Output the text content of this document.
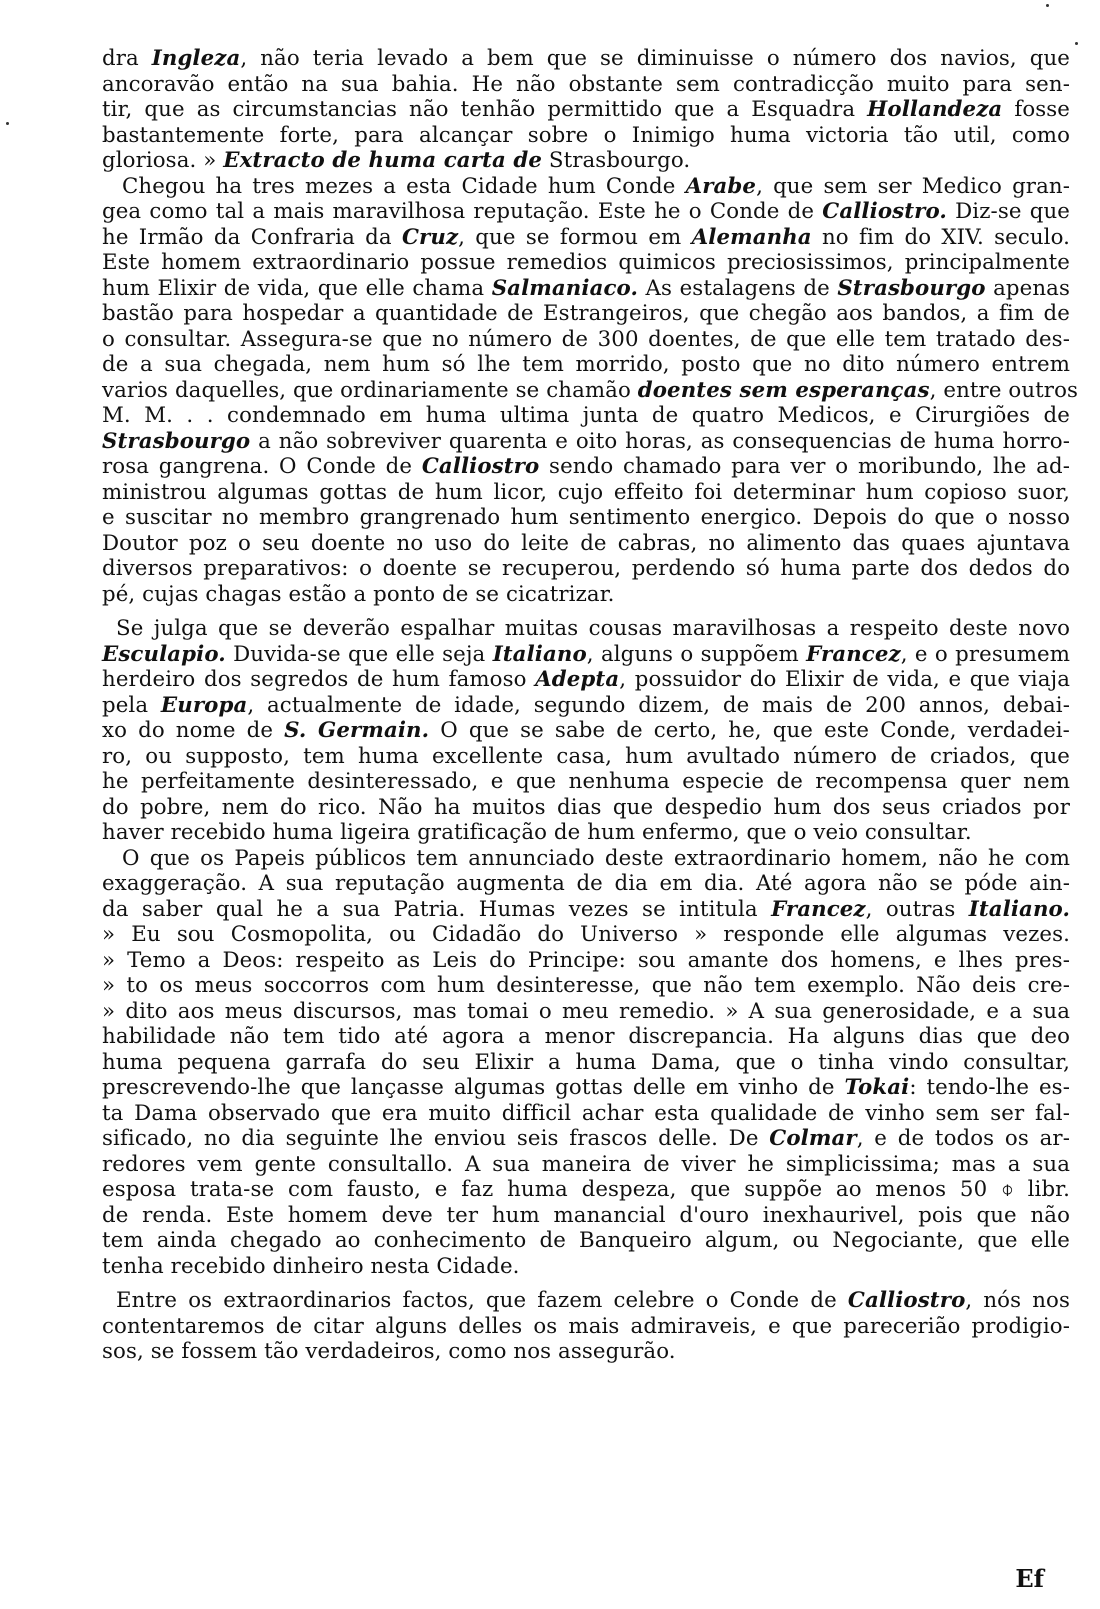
dra Ingleza, não teria levado a bem que se diminuisse o número dos navios, que
ancoravão então na sua bahia. He não obstante sem contradicção muito para sen-
tir, que as circumstancias não tenhão permittido que a Esquadra Hollandeza fosse
bastantemente forte, para alcançar sobre o Inimigo huma victoria tão util, como
gloriosa. » Extracto de huma carta de Strasbourgo.
Chegou ha tres mezes a esta Cidade hum Conde Arabe, que sem ser Medico gran-
gea como tal a mais maravilhosa reputação. Este he o Conde de Calliostro. Diz-se que
he Irmão da Confraria da Cruz, que se formou em Alemanha no fim do XIV. seculo.
Este homem extraordinario possue remedios quimicos preciosissimos, principalmente
hum Elixir de vida, que elle chama Salmaniaco. As estalagens de Strasbourgo apenas
bastão para hospedar a quantidade de Estrangeiros, que chegão aos bandos, a fim de
o consultar. Assegura-se que no número de 300 doentes, de que elle tem tratado des-
de a sua chegada, nem hum só lhe tem morrido, posto que no dito número entrem
varios daquelles, que ordinariamente se chamão doentes sem esperanças, entre outros
M. M. . . condemnado em huma ultima junta de quatro Medicos, e Cirurgiões de
Strasbourgo a não sobreviver quarenta e oito horas, as consequencias de huma horro-
rosa gangrena. O Conde de Calliostro sendo chamado para ver o moribundo, lhe ad-
ministrou algumas gottas de hum licor, cujo effeito foi determinar hum copioso suor,
e suscitar no membro grangrenado hum sentimento energico. Depois do que o nosso
Doutor poz o seu doente no uso do leite de cabras, no alimento das quaes ajuntava
diversos preparativos: o doente se recuperou, perdendo só huma parte dos dedos do
pé, cujas chagas estão a ponto de se cicatrizar.
Se julga que se deverão espalhar muitas cousas maravilhosas a respeito deste novo
Esculapio. Duvida-se que elle seja Italiano, alguns o suppõem Francez, e o presumem
herdeiro dos segredos de hum famoso Adepta, possuidor do Elixir de vida, e que viaja
pela Europa, actualmente de idade, segundo dizem, de mais de 200 annos, debai-
xo do nome de S. Germain. O que se sabe de certo, he, que este Conde, verdadei-
ro, ou supposto, tem huma excellente casa, hum avultado número de criados, que
he perfeitamente desinteressado, e que nenhuma especie de recompensa quer nem
do pobre, nem do rico. Não ha muitos dias que despedio hum dos seus criados por
haver recebido huma ligeira gratificação de hum enfermo, que o veio consultar.
O que os Papeis públicos tem annunciado deste extraordinario homem, não he com
exaggeração. A sua reputação augmenta de dia em dia. Até agora não se póde ain-
da saber qual he a sua Patria. Humas vezes se intitula Francez, outras Italiano.
» Eu sou Cosmopolita, ou Cidadão do Universo » responde elle algumas vezes.
» Temo a Deos: respeito as Leis do Principe: sou amante dos homens, e lhes pres-
» to os meus soccorros com hum desinteresse, que não tem exemplo. Não deis cre-
» dito aos meus discursos, mas tomai o meu remedio. » A sua generosidade, e a sua
habilidade não tem tido até agora a menor discrepancia. Ha alguns dias que deo
huma pequena garrafa do seu Elixir a huma Dama, que o tinha vindo consultar,
prescrevendo-lhe que lançasse algumas gottas delle em vinho de Tokai: tendo-lhe es-
ta Dama observado que era muito difficil achar esta qualidade de vinho sem ser fal-
sificado, no dia seguinte lhe enviou seis frascos delle. De Colmar, e de todos os ar-
redores vem gente consultallo. A sua maneira de viver he simplicissima; mas a sua
esposa trata-se com fausto, e faz huma despeza, que suppõe ao menos 50 ⌽ libr.
de renda. Este homem deve ter hum manancial d'ouro inexhaurivel, pois que não
tem ainda chegado ao conhecimento de Banqueiro algum, ou Negociante, que elle
tenha recebido dinheiro nesta Cidade.
Entre os extraordinarios factos, que fazem celebre o Conde de Calliostro, nós nos
contentaremos de citar alguns delles os mais admiraveis, e que parecerião prodigio-
sos, se fossem tão verdadeiros, como nos assegurão.
Ef
